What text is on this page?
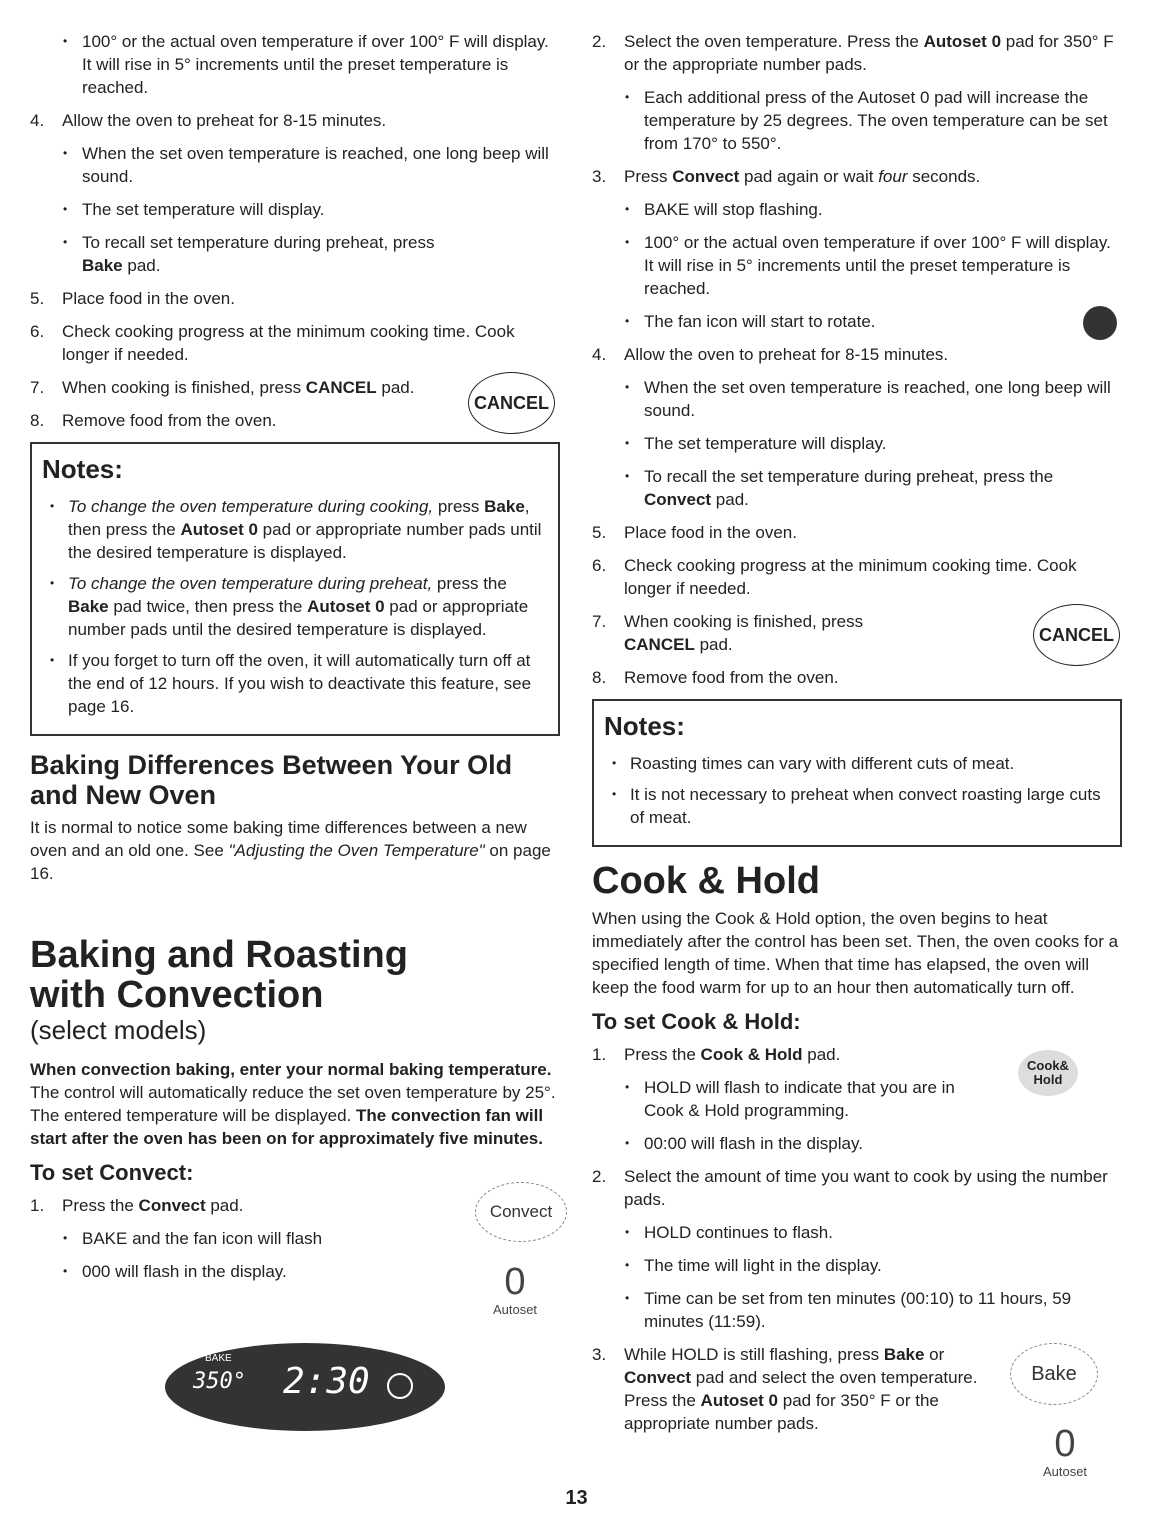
• 100° or the actual oven temperature if over 100° F will display. It will rise in 5° increments until the preset temperature is reached.
4. Allow the oven to preheat for 8-15 minutes.
• When the set oven temperature is reached, one long beep will sound.
• The set temperature will display.
• To recall set temperature during preheat, press
Bake pad.
5. Place food in the oven.
6. Check cooking progress at the minimum cooking time. Cook longer if needed.
7. When cooking is finished, press CANCEL pad.
8. Remove food from the oven.
Notes:
• To change the oven temperature during cooking, press Bake, then press the Autoset 0 pad or appropriate number pads until the desired temperature is displayed.
• To change the oven temperature during preheat, press the Bake pad twice, then press the Autoset 0 pad or appropriate number pads until the desired temperature is displayed.
• If you forget to turn off the oven, it will automatically turn off at the end of 12 hours. If you wish to deactivate this feature, see page 16.
Baking Differences Between Your Old and New Oven
It is normal to notice some baking time differences between a new oven and an old one. See "Adjusting the Oven Temperature" on page 16.
Baking and Roasting
with Convection
(select models)
When convection baking, enter your normal baking temperature. The control will automatically reduce the set oven temperature by 25°. The entered temperature will be displayed. The convection fan will start after the oven has been on for approximately five minutes.
To set Convect:
1. Press the Convect pad.
• BAKE and the fan icon will flash
• 000 will flash in the display.
CANCEL
Convect
0
Autoset
BAKE
350° 2:30
2. Select the oven temperature. Press the Autoset 0 pad for 350° F or the appropriate number pads.
• Each additional press of the Autoset 0 pad will increase the temperature by 25 degrees. The oven temperature can be set from 170° to 550°.
3. Press Convect pad again or wait four seconds.
• BAKE will stop flashing.
• 100° or the actual oven temperature if over 100° F will display. It will rise in 5° increments until the preset temperature is reached.
• The fan icon will start to rotate.
4. Allow the oven to preheat for 8-15 minutes.
• When the set oven temperature is reached, one long beep will sound.
• The set temperature will display.
• To recall the set temperature during preheat, press the
Convect pad.
5. Place food in the oven.
6. Check cooking progress at the minimum cooking time. Cook longer if needed.
7. When cooking is finished, press
CANCEL pad.
8. Remove food from the oven.
Notes:
• Roasting times can vary with different cuts of meat.
• It is not necessary to preheat when convect roasting large cuts of meat.
Cook & Hold
When using the Cook & Hold option, the oven begins to heat immediately after the control has been set. Then, the oven cooks for a specified length of time. When that time has elapsed, the oven will keep the food warm for up to an hour then automatically turn off.
To set Cook & Hold:
1. Press the Cook & Hold pad.
• HOLD will flash to indicate that you are in Cook & Hold programming.
• 00:00 will flash in the display.
2. Select the amount of time you want to cook by using the number pads.
• HOLD continues to flash.
• The time will light in the display.
• Time can be set from ten minutes (00:10) to 11 hours, 59 minutes (11:59).
3. While HOLD is still flashing, press Bake or Convect pad and select the oven temperature. Press the Autoset 0 pad for 350° F or the appropriate number pads.
CANCEL
Cook&
Hold
Bake
0
Autoset
13
